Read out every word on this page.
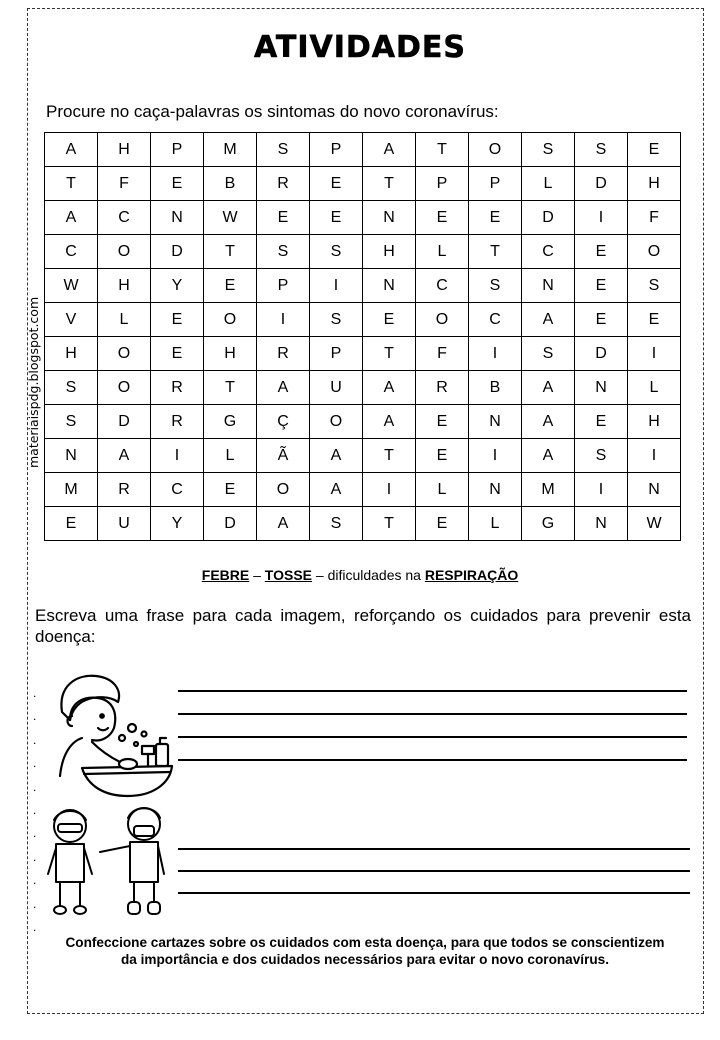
ATIVIDADES
Procure no caça-palavras os sintomas do novo coronavírus:
materiaispdg.blogspot.com
A	H	P	M	S	P	A	T	O	S	S	E
T	F	E	B	R	E	T	P	P	L	D	H
A	C	N	W	E	E	N	E	E	D	I	F
C	O	D	T	S	S	H	L	T	C	E	O
W	H	Y	E	P	I	N	C	S	N	E	S
V	L	E	O	I	S	E	O	C	A	E	E
H	O	E	H	R	P	T	F	I	S	D	I
S	O	R	T	A	U	A	R	B	A	N	L
S	D	R	G	Ç	O	A	E	N	A	E	H
N	A	I	L	Ã	A	T	E	I	A	S	I
M	R	C	E	O	A	I	L	N	M	I	N
E	U	Y	D	A	S	T	E	L	G	N	W
FEBRE – TOSSE – dificuldades na RESPIRAÇÃO
Escreva uma frase para cada imagem, reforçando os cuidados para prevenir esta doença:
.
.
.
.
.
.
.
.
.
.
.
Confeccione cartazes sobre os cuidados com esta doença, para que todos se conscientizem da importância e dos cuidados necessários para evitar o novo coronavírus.
